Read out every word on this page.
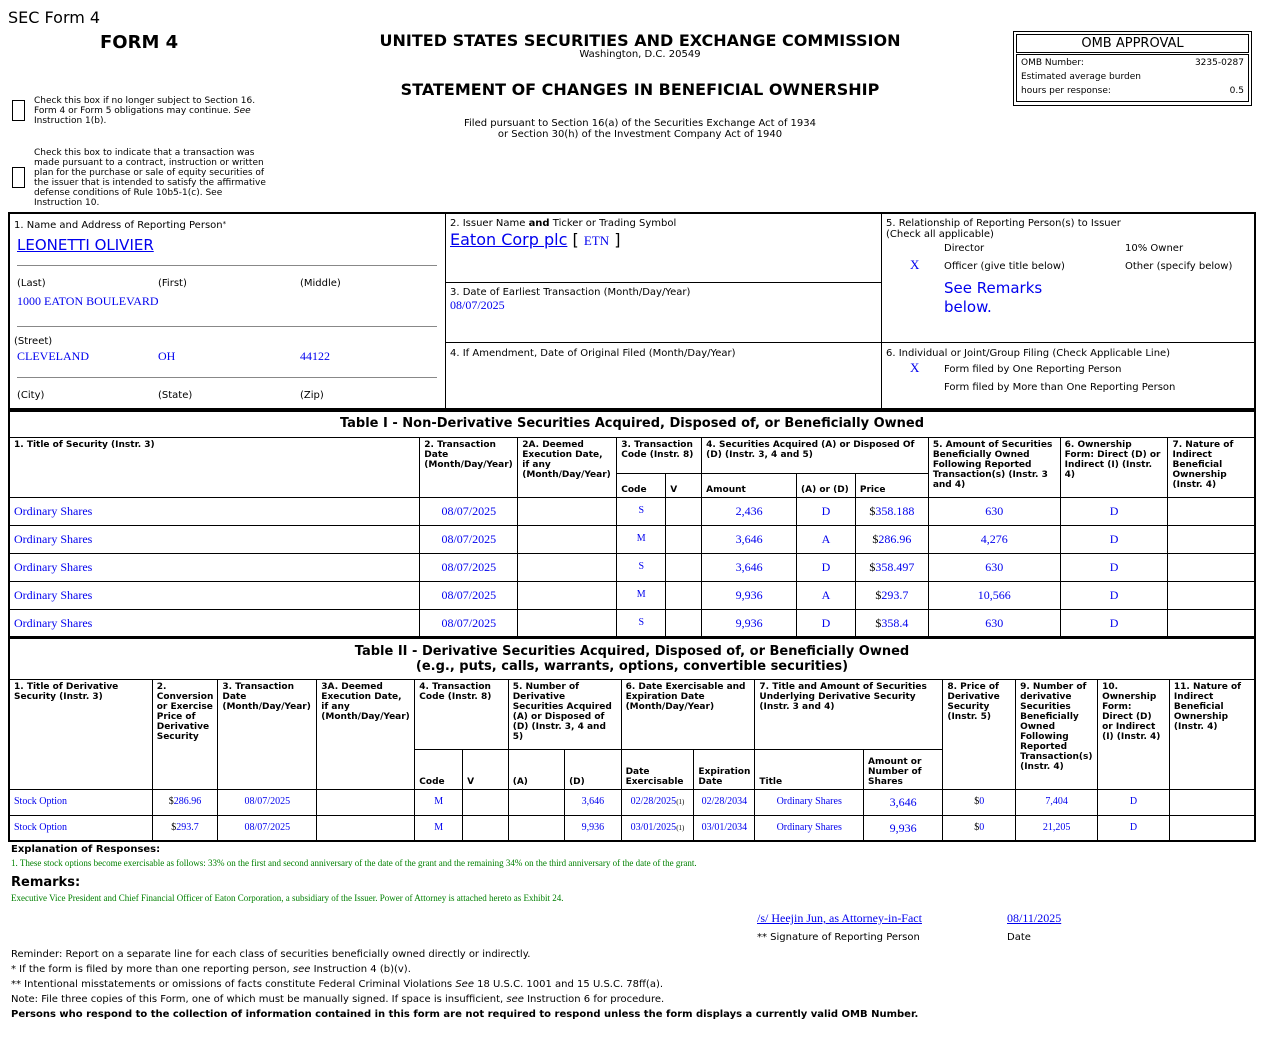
SEC Form 4
FORM 4	UNITED STATES SECURITIES AND EXCHANGE COMMISSION
Washington, D.C. 20549
STATEMENT OF CHANGES IN BENEFICIAL OWNERSHIP
Filed pursuant to Section 16(a) of the Securities Exchange Act of 1934
or Section 30(h) of the Investment Company Act of 1940
OMB APPROVAL
OMB Number:	3235-0287
Estimated average burden
hours per response:	0.5
Check this box if no longer subject to Section 16. Form 4 or Form 5 obligations may continue. See Instruction 1(b).
Check this box to indicate that a transaction was made pursuant to a contract, instruction or written plan for the purchase or sale of equity securities of the issuer that is intended to satisfy the affirmative defense conditions of Rule 10b5-1(c). See Instruction 10.
1. Name and Address of Reporting Person*
LEONETTI OLIVIER
(Last)	(First)	(Middle)
1000 EATON BOULEVARD
(Street)
CLEVELAND	OH	44122
(City)	(State)	(Zip)
2. Issuer Name and Ticker or Trading Symbol
Eaton Corp plc [ ETN ]
3. Date of Earliest Transaction (Month/Day/Year)
08/07/2025
4. If Amendment, Date of Original Filed (Month/Day/Year)
5. Relationship of Reporting Person(s) to Issuer
(Check all applicable)
Director	10% Owner
X Officer (give title below)	Other (specify below)
See Remarks below.
6. Individual or Joint/Group Filing (Check Applicable Line)
X Form filed by One Reporting Person
Form filed by More than One Reporting Person
Table I - Non-Derivative Securities Acquired, Disposed of, or Beneficially Owned										
1. Title of Security (Instr. 3)	2. Transaction Date (Month/Day/Year)	2A. Deemed Execution Date, if any (Month/Day/Year)	3. Transaction Code (Instr. 8)		4. Securities Acquired (A) or Disposed Of (D) (Instr. 3, 4 and 5)			5. Amount of Securities Beneficially Owned Following Reported Transaction(s) (Instr. 3 and 4)	6. Ownership Form: Direct (D) or Indirect (I) (Instr. 4)	7. Nature of Indirect Beneficial Ownership (Instr. 4)
			Code	V	Amount	(A) or (D)	Price			
Ordinary Shares	08/07/2025		S		2,436	D	$358.188	630	D	
Ordinary Shares	08/07/2025		M		3,646	A	$286.96	4,276	D	
Ordinary Shares	08/07/2025		S		3,646	D	$358.497	630	D	
Ordinary Shares	08/07/2025		M		9,936	A	$293.7	10,566	D	
Ordinary Shares	08/07/2025		S		9,936	D	$358.4	630	D	
Table II - Derivative Securities Acquired, Disposed of, or Beneficially Owned
(e.g., puts, calls, warrants, options, convertible securities)															

1. Title of Derivative Security (Instr. 3)	2. Conversion or Exercise Price of Derivative Security	3. Transaction Date (Month/Day/Year)	3A. Deemed Execution Date, if any (Month/Day/Year)	4. Transaction Code (Instr. 8)		5. Number of Derivative Securities Acquired (A) or Disposed of (D) (Instr. 3, 4 and 5)		6. Date Exercisable and Expiration Date (Month/Day/Year)		7. Title and Amount of Securities Underlying Derivative Security (Instr. 3 and 4)		8. Price of Derivative Security (Instr. 5)	9. Number of derivative Securities Beneficially Owned Following Reported Transaction(s) (Instr. 4)	10. Ownership Form: Direct (D) or Indirect (I) (Instr. 4)	11. Nature of Indirect Beneficial Ownership (Instr. 4)
				Code	V	(A)	(D)	Date Exercisable	Expiration Date	Title	Amount or Number of Shares				
Stock Option	$286.96	08/07/2025		M			3,646	02/28/2025$^{(1)}$	02/28/2034	Ordinary Shares	3,646	$0	7,404	D	
Stock Option	$293.7	08/07/2025		M			9,936	03/01/2025$^{(1)}$	03/01/2034	Ordinary Shares	9,936	$0	21,205	D	
Explanation of Responses:
1. These stock options become exercisable as follows: 33% on the first and second anniversary of the date of the grant and the remaining 34% on the third anniversary of the date of the grant.
Remarks:
Executive Vice President and Chief Financial Officer of Eaton Corporation, a subsidiary of the Issuer. Power of Attorney is attached hereto as Exhibit 24.
/s/ Heejin Jun, as Attorney-in-Fact	08/11/2025
** Signature of Reporting Person	Date
Reminder: Report on a separate line for each class of securities beneficially owned directly or indirectly.
* If the form is filed by more than one reporting person, see Instruction 4 (b)(v).
** Intentional misstatements or omissions of facts constitute Federal Criminal Violations See 18 U.S.C. 1001 and 15 U.S.C. 78ff(a).
Note: File three copies of this Form, one of which must be manually signed. If space is insufficient, see Instruction 6 for procedure.
Persons who respond to the collection of information contained in this form are not required to respond unless the form displays a currently valid OMB Number.
